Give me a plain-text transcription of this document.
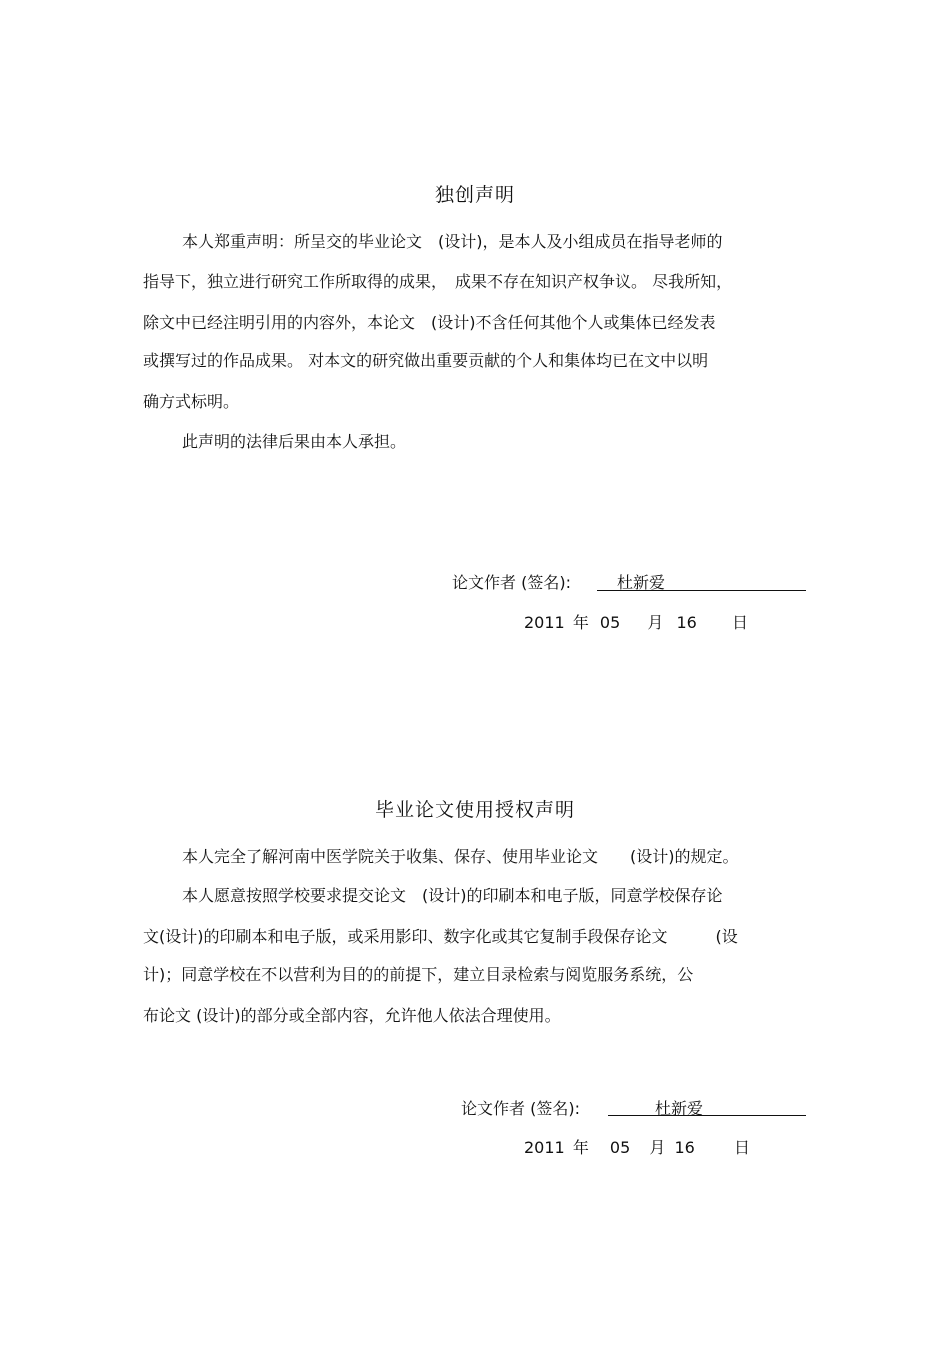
独创声明
本人郑重声明：所呈交的毕业论文　(设计)，是本人及小组成员在指导老师的
指导下，独立进行研究工作所取得的成果，　成果不存在知识产权争议。 尽我所知，
除文中已经注明引用的内容外，本论文　(设计)不含任何其他个人或集体已经发表
或撰写过的作品成果。 对本文的研究做出重要贡献的个人和集体均已在文中以明
确方式标明。
此声明的法律后果由本人承担。
论文作者 (签名):	杜新爱
2011 年 05 月 16 日
毕业论文使用授权声明
本人完全了解河南中医学院关于收集、保存、使用毕业论文　　(设计)的规定。
本人愿意按照学校要求提交论文　(设计)的印刷本和电子版，同意学校保存论
文(设计)的印刷本和电子版，或采用影印、数字化或其它复制手段保存论文　　　(设
计)；同意学校在不以营利为目的的前提下，建立目录检索与阅览服务系统，公
布论文 (设计)的部分或全部内容，允许他人依法合理使用。
论文作者 (签名):	杜新爱
2011 年 05 月 16 日
